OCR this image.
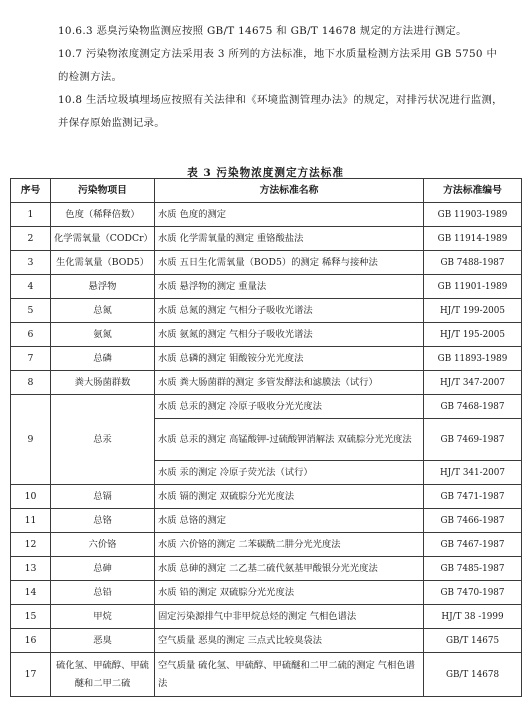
10.6.3 恶臭污染物监测应按照 GB/T 14675 和 GB/T 14678 规定的方法进行测定。
10.7 污染物浓度测定方法采用表 3 所列的方法标准，地下水质量检测方法采用 GB 5750 中的检测方法。
10.8 生活垃圾填埋场应按照有关法律和《环境监测管理办法》的规定，对排污状况进行监测，并保存原始监测记录。
表 3 污染物浓度测定方法标准
序号	污染物项目	方法标准名称	方法标准编号
1	色度（稀释倍数）	水质 色度的测定	GB 11903-1989
2	化学需氧量（CODCr）	水质 化学需氧量的测定 重铬酸盐法	GB 11914-1989
3	生化需氧量（BOD5）	水质 五日生化需氧量（BOD5）的测定 稀释与接种法	GB 7488-1987
4	悬浮物	水质 悬浮物的测定 重量法	GB 11901-1989
5	总氮	水质 总氮的测定 气相分子吸收光谱法	HJ/T 199-2005
6	氨氮	水质 氨氮的测定 气相分子吸收光谱法	HJ/T 195-2005
7	总磷	水质 总磷的测定 钼酸铵分光光度法	GB 11893-1989
8	粪大肠菌群数	水质 粪大肠菌群的测定 多管发酵法和滤膜法（试行）	HJ/T 347-2007
9	总汞	水质 总汞的测定 冷原子吸收分光光度法	GB 7468-1987
		水质 总汞的测定 高锰酸钾-过硫酸钾消解法 双硫腙分光光度法	GB 7469-1987
		水质 汞的测定 冷原子荧光法（试行）	HJ/T 341-2007
10	总镉	水质 镉的测定 双硫腙分光光度法	GB 7471-1987
11	总铬	水质 总铬的测定	GB 7466-1987
12	六价铬	水质 六价铬的测定 二苯碳酰二肼分光光度法	GB 7467-1987
13	总砷	水质 总砷的测定 二乙基二硫代氨基甲酸银分光光度法	GB 7485-1987
14	总铅	水质 铅的测定 双硫腙分光光度法	GB 7470-1987
15	甲烷	固定污染源排气中非甲烷总烃的测定 气相色谱法	HJ/T 38 -1999
16	恶臭	空气质量 恶臭的测定 三点式比较臭袋法	GB/T 14675
17	硫化氢、甲硫醇、甲硫醚和二甲二硫	空气质量 硫化氢、甲硫醇、甲硫醚和二甲二硫的测定 气相色谱法	GB/T 14678
